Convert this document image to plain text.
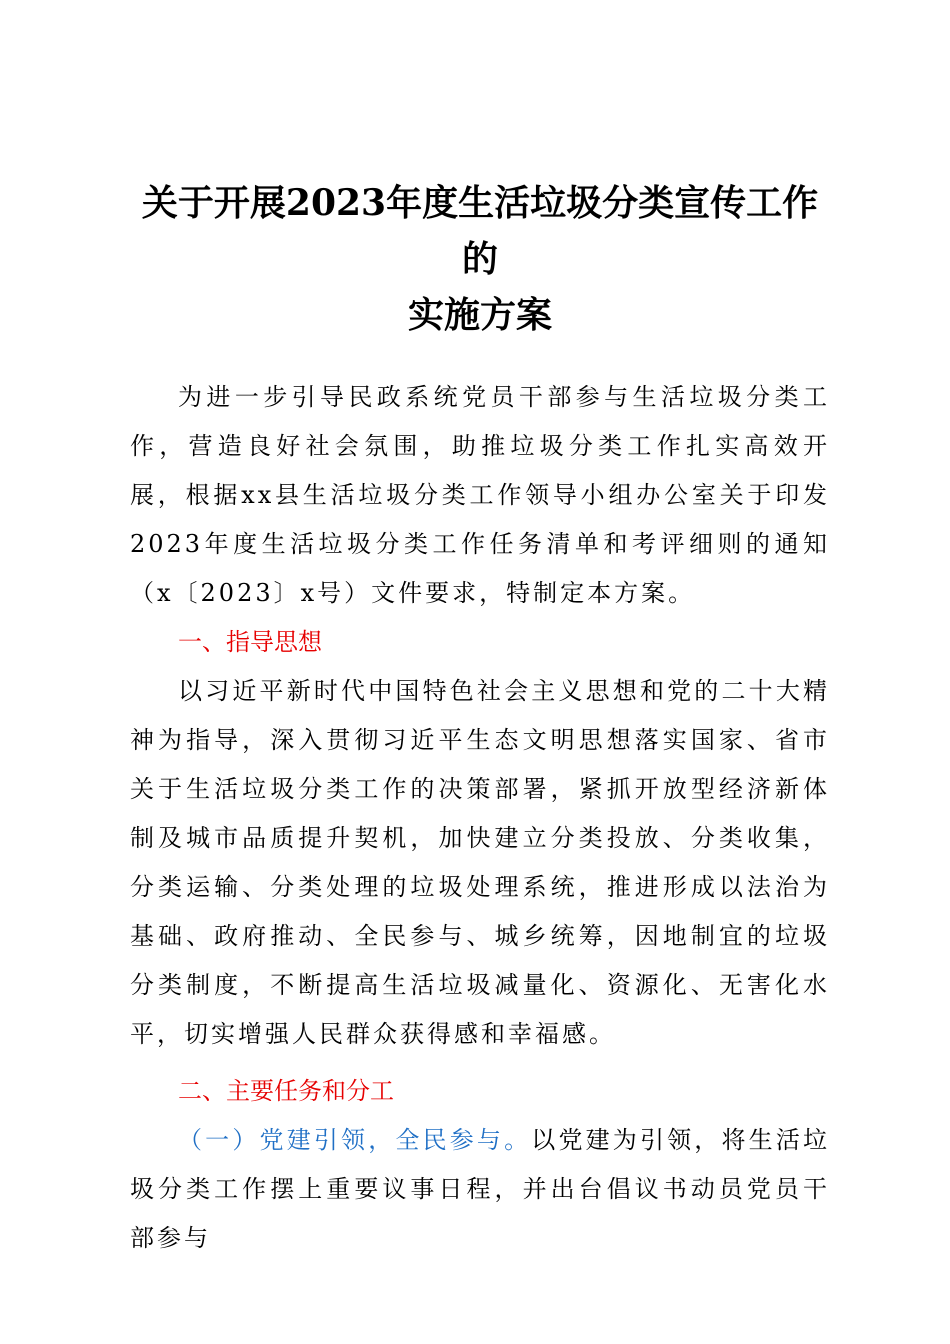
关于开展2023年度生活垃圾分类宣传工作的
实施方案

为进一步引导民政系统党员干部参与生活垃圾分类工作，营造良好社会氛围，助推垃圾分类工作扎实高效开展，根据xx县生活垃圾分类工作领导小组办公室关于印发2023年度生活垃圾分类工作任务清单和考评细则的通知（x〔2023〕x号）文件要求，特制定本方案。

一、指导思想

以习近平新时代中国特色社会主义思想和党的二十大精神为指导，深入贯彻习近平生态文明思想落实国家、省市关于生活垃圾分类工作的决策部署，紧抓开放型经济新体制及城市品质提升契机，加快建立分类投放、分类收集，分类运输、分类处理的垃圾处理系统，推进形成以法治为基础、政府推动、全民参与、城乡统筹，因地制宜的垃圾分类制度，不断提高生活垃圾减量化、资源化、无害化水平，切实增强人民群众获得感和幸福感。

二、主要任务和分工

（一）党建引领，全民参与。以党建为引领，将生活垃圾分类工作摆上重要议事日程，并出台倡议书动员党员干部参与
